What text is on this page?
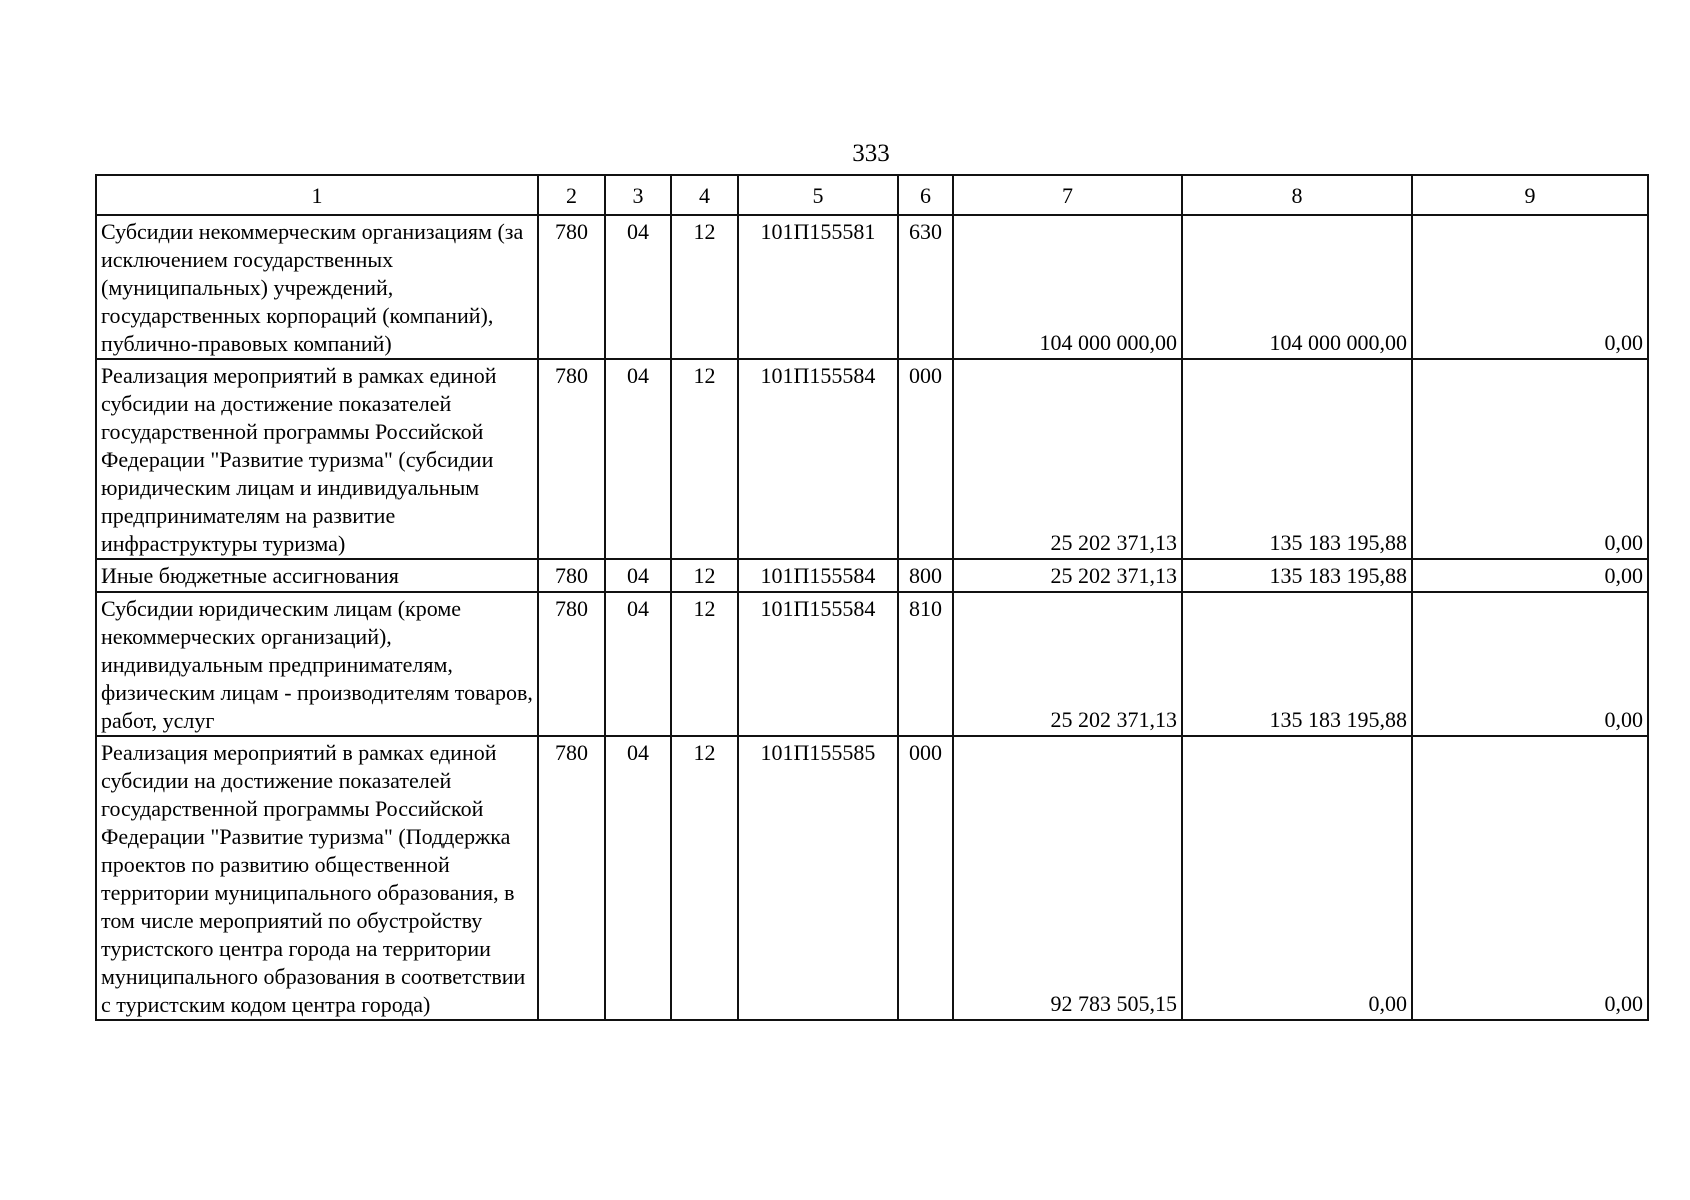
333
1	2	3	4	5	6	7	8	9
Субсидии некоммерческим организациям (за исключением государственных (муниципальных) учреждений, государственных корпораций (компаний), публично-правовых компаний)	780	04	12	101П155581	630	104 000 000,00	104 000 000,00	0,00
Реализация мероприятий в рамках единой субсидии на достижение показателей государственной программы Российской Федерации "Развитие туризма" (субсидии юридическим лицам и индивидуальным предпринимателям на развитие инфраструктуры туризма)	780	04	12	101П155584	000	25 202 371,13	135 183 195,88	0,00
Иные бюджетные ассигнования	780	04	12	101П155584	800	25 202 371,13	135 183 195,88	0,00
Субсидии юридическим лицам (кроме некоммерческих организаций), индивидуальным предпринимателям, физическим лицам - производителям товаров, работ, услуг	780	04	12	101П155584	810	25 202 371,13	135 183 195,88	0,00
Реализация мероприятий в рамках единой субсидии на достижение показателей государственной программы Российской Федерации "Развитие туризма" (Поддержка проектов по развитию общественной территории муниципального образования, в том числе мероприятий по обустройству туристского центра города на территории муниципального образования в соответствии с туристским кодом центра города)	780	04	12	101П155585	000	92 783 505,15	0,00	0,00
